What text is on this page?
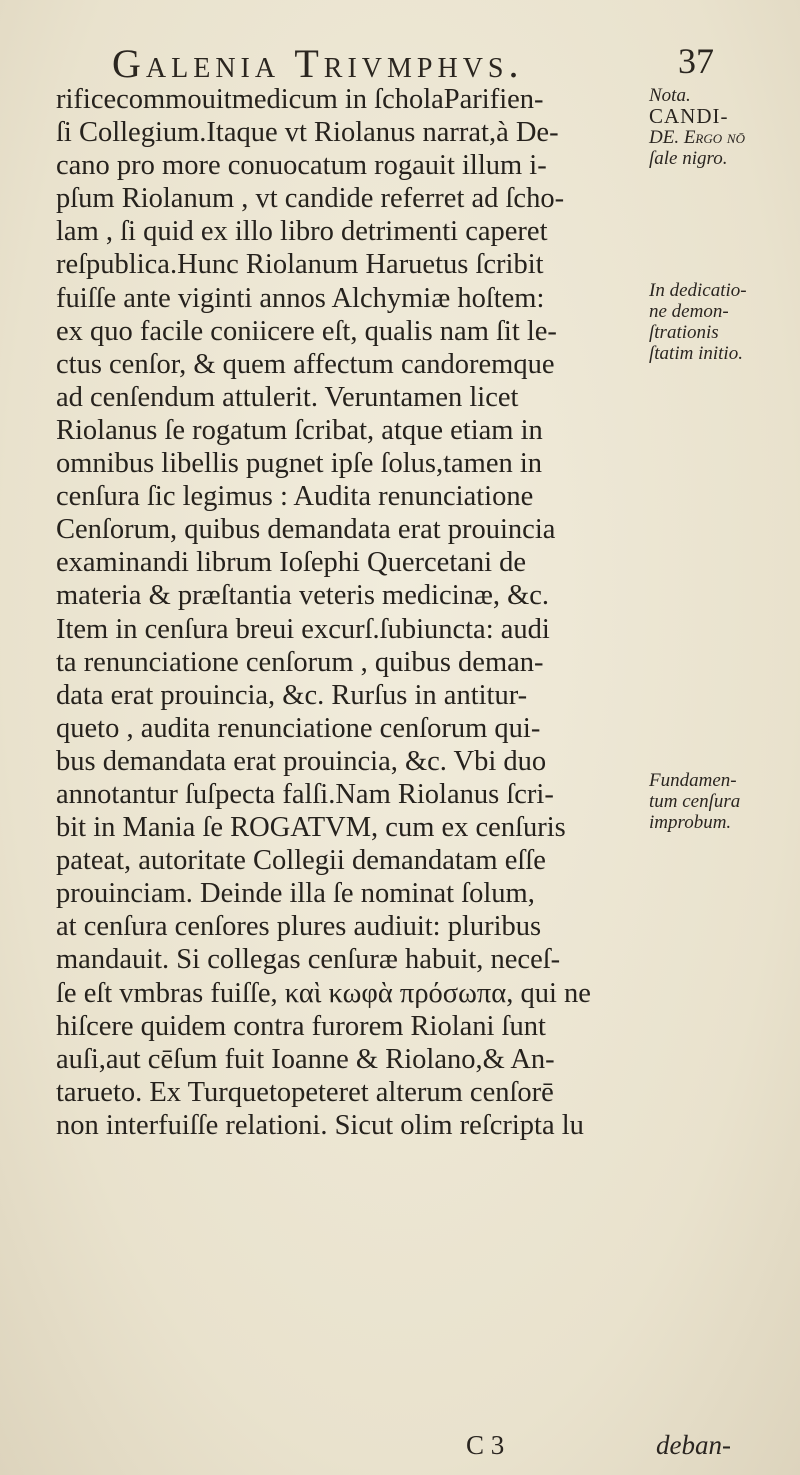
Galenia Trivmphvs.	37
rificecommouitmedicum in ſcholaParifien-
ſi Collegium.Itaque vt Riolanus narrat,à De-
cano pro more conuocatum rogauit illum i-
pſum Riolanum , vt candide referret ad ſcho-
lam , ſi quid ex illo libro detrimenti caperet
reſpublica.Hunc Riolanum Haruetus ſcribit
fuiſſe ante viginti annos Alchymiæ hoſtem:
ex quo facile coniicere eſt, qualis nam ſit le-
ctus cenſor, & quem affectum candoremque
ad cenſendum attulerit. Veruntamen licet
Riolanus ſe rogatum ſcribat, atque etiam in
omnibus libellis pugnet ipſe ſolus,tamen in
cenſura ſic legimus : Audita renunciatione
Cenſorum, quibus demandata erat prouincia
examinandi librum Ioſephi Quercetani de
materia & præſtantia veteris medicinæ, &c.
Item in cenſura breui excurſ.ſubiuncta: audi
ta renunciatione cenſorum , quibus deman-
data erat prouincia, &c. Rurſus in antitur-
queto , audita renunciatione cenſorum qui-
bus demandata erat prouincia, &c. Vbi duo
annotantur ſuſpecta falſi.Nam Riolanus ſcri-
bit in Mania ſe ROGATVM, cum ex cenſuris
pateat, autoritate Collegii demandatam eſſe
prouinciam. Deinde illa ſe nominat ſolum,
at cenſura cenſores plures audiuit: pluribus
mandauit. Si collegas cenſuræ habuit, neceſ-
ſe eſt vmbras fuiſſe, καὶ κωφὰ πρόσωπα, qui ne
hiſcere quidem contra furorem Riolani ſunt
auſi,aut cēſum fuit Ioanne & Riolano,& An-
tarueto. Ex Turquetopeteret alterum cenſorē
non interfuiſſe relationi. Sicut olim reſcripta lu
Nota.
CANDI-
DE. Ergo nō
ſale nigro.
In dedicatio-
ne demon-
ſtrationis
ſtatim initio.
Fundamen-
tum cenſura
improbum.
C 3	deban-
